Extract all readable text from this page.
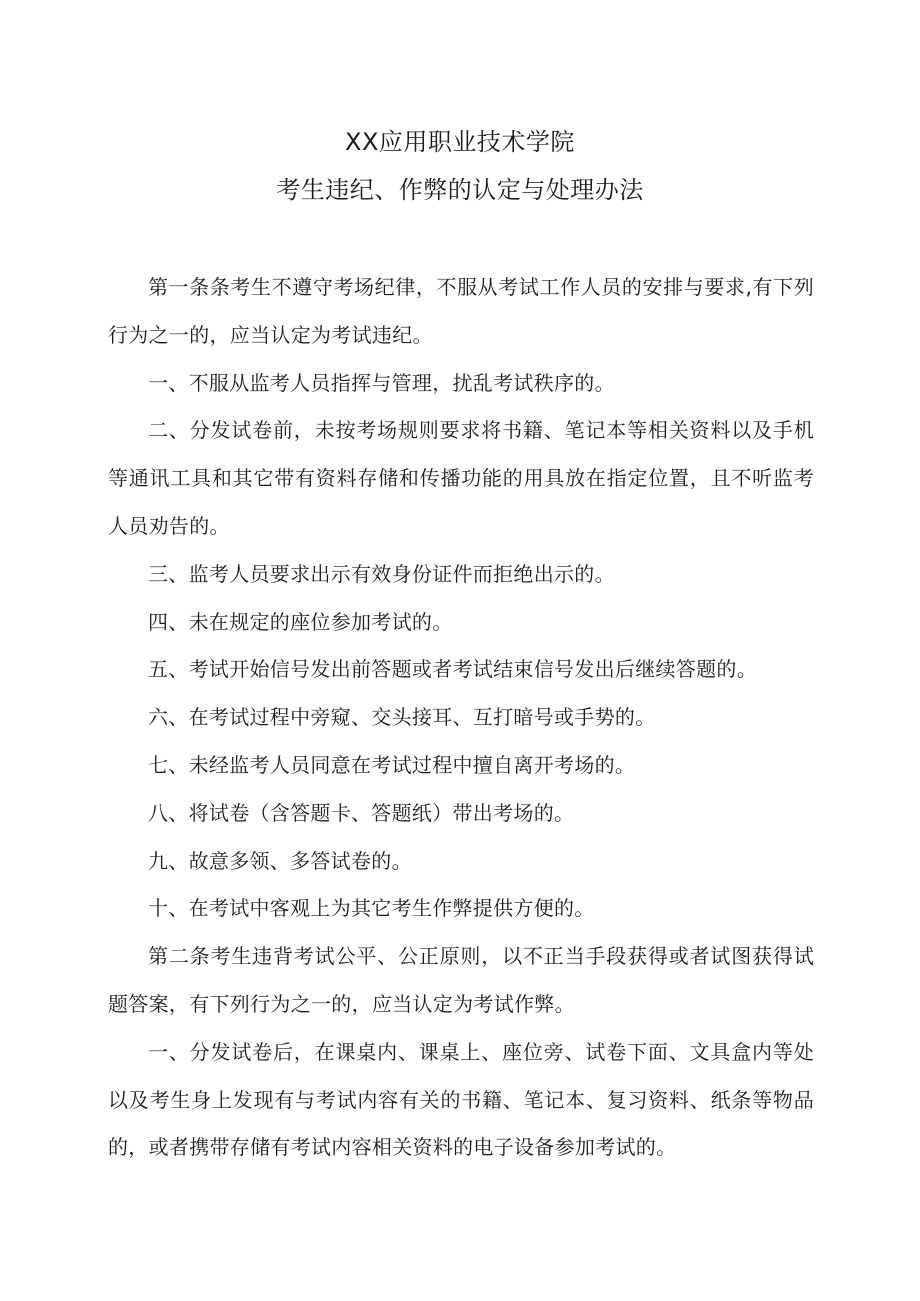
XX应用职业技术学院
考生违纪、作弊的认定与处理办法

第一条条考生不遵守考场纪律，不服从考试工作人员的安排与要求,有下列行为之一的，应当认定为考试违纪。

一、不服从监考人员指挥与管理，扰乱考试秩序的。

二、分发试卷前，未按考场规则要求将书籍、笔记本等相关资料以及手机等通讯工具和其它带有资料存储和传播功能的用具放在指定位置，且不听监考人员劝告的。

三、监考人员要求出示有效身份证件而拒绝出示的。

四、未在规定的座位参加考试的。

五、考试开始信号发出前答题或者考试结束信号发出后继续答题的。

六、在考试过程中旁窥、交头接耳、互打暗号或手势的。

七、未经监考人员同意在考试过程中擅自离开考场的。

八、将试卷（含答题卡、答题纸）带出考场的。

九、故意多领、多答试卷的。

十、在考试中客观上为其它考生作弊提供方便的。

第二条考生违背考试公平、公正原则，以不正当手段获得或者试图获得试题答案，有下列行为之一的，应当认定为考试作弊。

一、分发试卷后，在课桌内、课桌上、座位旁、试卷下面、文具盒内等处以及考生身上发现有与考试内容有关的书籍、笔记本、复习资料、纸条等物品的，或者携带存储有考试内容相关资料的电子设备参加考试的。
